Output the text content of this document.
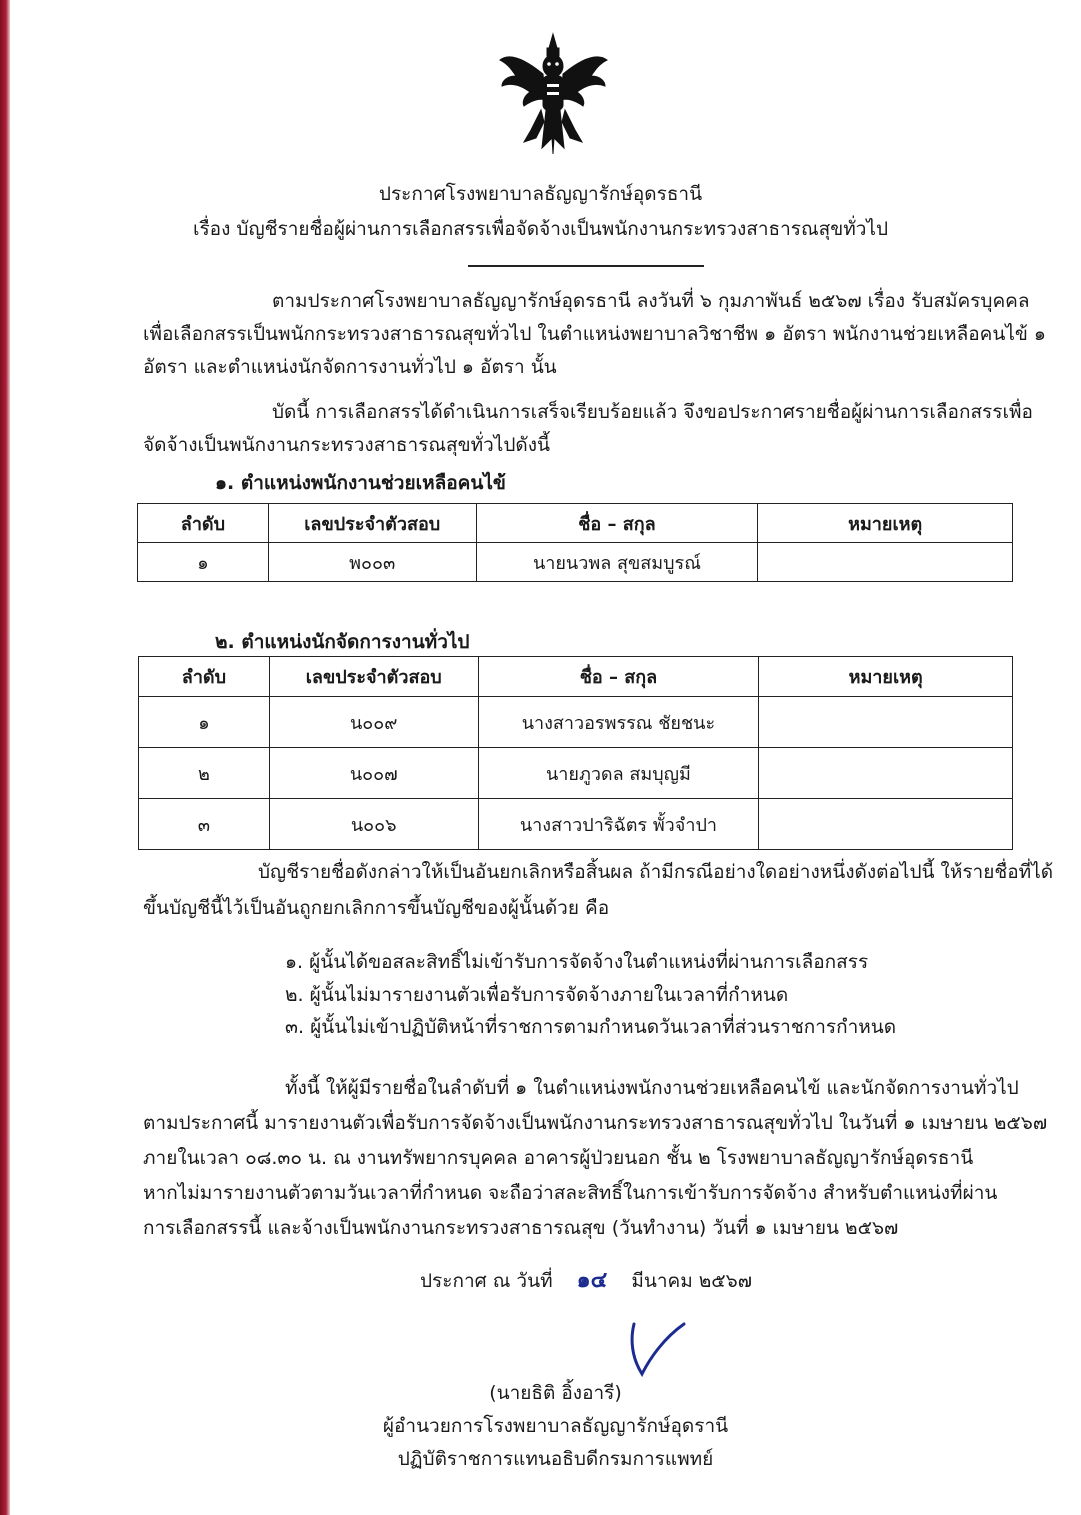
ประกาศโรงพยาบาลธัญญารักษ์อุดรธานี
เรื่อง บัญชีรายชื่อผู้ผ่านการเลือกสรรเพื่อจัดจ้างเป็นพนักงานกระทรวงสาธารณสุขทั่วไป
ตามประกาศโรงพยาบาลธัญญารักษ์อุดรธานี ลงวันที่ ๖ กุมภาพันธ์ ๒๕๖๗ เรื่อง รับสมัครบุคคล
เพื่อเลือกสรรเป็นพนักกระทรวงสาธารณสุขทั่วไป ในตำแหน่งพยาบาลวิชาชีพ ๑ อัตรา พนักงานช่วยเหลือคนไข้ ๑
อัตรา และตำแหน่งนักจัดการงานทั่วไป ๑ อัตรา นั้น
บัดนี้ การเลือกสรรได้ดำเนินการเสร็จเรียบร้อยแล้ว จึงขอประกาศรายชื่อผู้ผ่านการเลือกสรรเพื่อ
จัดจ้างเป็นพนักงานกระทรวงสาธารณสุขทั่วไปดังนี้
๑. ตำแหน่งพนักงานช่วยเหลือคนไข้
ลำดับ	เลขประจำตัวสอบ	ชื่อ – สกุล	หมายเหตุ
๑	พ๐๐๓	นายนวพล สุขสมบูรณ์	
๒. ตำแหน่งนักจัดการงานทั่วไป
ลำดับ	เลขประจำตัวสอบ	ชื่อ – สกุล	หมายเหตุ
๑	น๐๐๙	นางสาวอรพรรณ ชัยชนะ	
๒	น๐๐๗	นายภูวดล สมบุญมี	
๓	น๐๐๖	นางสาวปาริฉัตร พั้วจำปา	
บัญชีรายชื่อดังกล่าวให้เป็นอันยกเลิกหรือสิ้นผล ถ้ามีกรณีอย่างใดอย่างหนึ่งดังต่อไปนี้ ให้รายชื่อที่ได้
ขึ้นบัญชีนี้ไว้เป็นอันถูกยกเลิกการขึ้นบัญชีของผู้นั้นด้วย คือ
๑. ผู้นั้นได้ขอสละสิทธิ์ไม่เข้ารับการจัดจ้างในตำแหน่งที่ผ่านการเลือกสรร
๒. ผู้นั้นไม่มารายงานตัวเพื่อรับการจัดจ้างภายในเวลาที่กำหนด
๓. ผู้นั้นไม่เข้าปฏิบัติหน้าที่ราชการตามกำหนดวันเวลาที่ส่วนราชการกำหนด
ทั้งนี้ ให้ผู้มีรายชื่อในลำดับที่ ๑ ในตำแหน่งพนักงานช่วยเหลือคนไข้ และนักจัดการงานทั่วไป
ตามประกาศนี้ มารายงานตัวเพื่อรับการจัดจ้างเป็นพนักงานกระทรวงสาธารณสุขทั่วไป ในวันที่ ๑ เมษายน ๒๕๖๗
ภายในเวลา ๐๘.๓๐ น. ณ งานทรัพยากรบุคคล อาคารผู้ป่วยนอก ชั้น ๒ โรงพยาบาลธัญญารักษ์อุดรธานี
หากไม่มารายงานตัวตามวันเวลาที่กำหนด จะถือว่าสละสิทธิ์ในการเข้ารับการจัดจ้าง สำหรับตำแหน่งที่ผ่าน
การเลือกสรรนี้ และจ้างเป็นพนักงานกระทรวงสาธารณสุข (วันทำงาน) วันที่ ๑ เมษายน ๒๕๖๗
ประกาศ ณ วันที่ ๑๔ มีนาคม ๒๕๖๗
(นายธิติ อิ้งอารี)
ผู้อำนวยการโรงพยาบาลธัญญารักษ์อุดรานี
ปฏิบัติราชการแทนอธิบดีกรมการแพทย์
